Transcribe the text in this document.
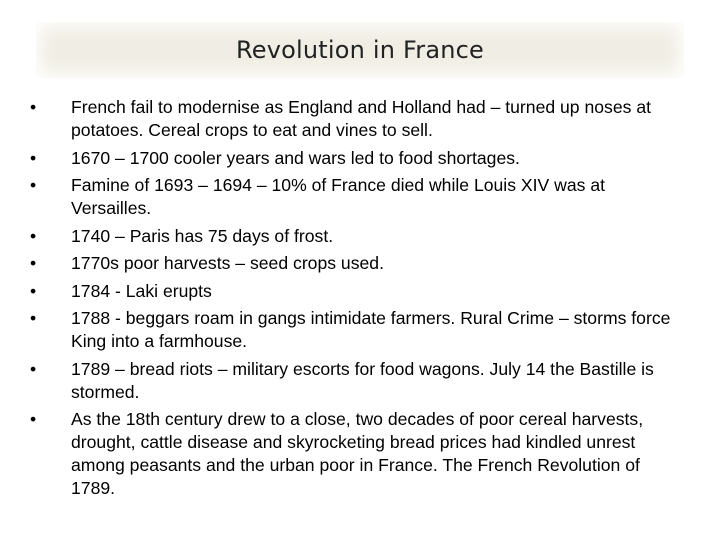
Revolution in France
•	French fail to modernise as England and Holland had – turned up noses at potatoes. Cereal crops to eat and vines to sell.
•	1670 – 1700 cooler years and wars led to food shortages.
•	Famine of 1693 – 1694 – 10% of France died while Louis XIV was at Versailles.
•	1740 – Paris has 75 days of frost.
•	1770s poor harvests – seed crops used.
•	1784 - Laki erupts
•	1788 - beggars roam in gangs intimidate farmers. Rural Crime – storms force King into a farmhouse.
•	1789 – bread riots – military escorts for food wagons. July 14 the Bastille is stormed.
•	As the 18th century drew to a close, two decades of poor cereal harvests, drought, cattle disease and skyrocketing bread prices had kindled unrest among peasants and the urban poor in France. The French Revolution of 1789.
